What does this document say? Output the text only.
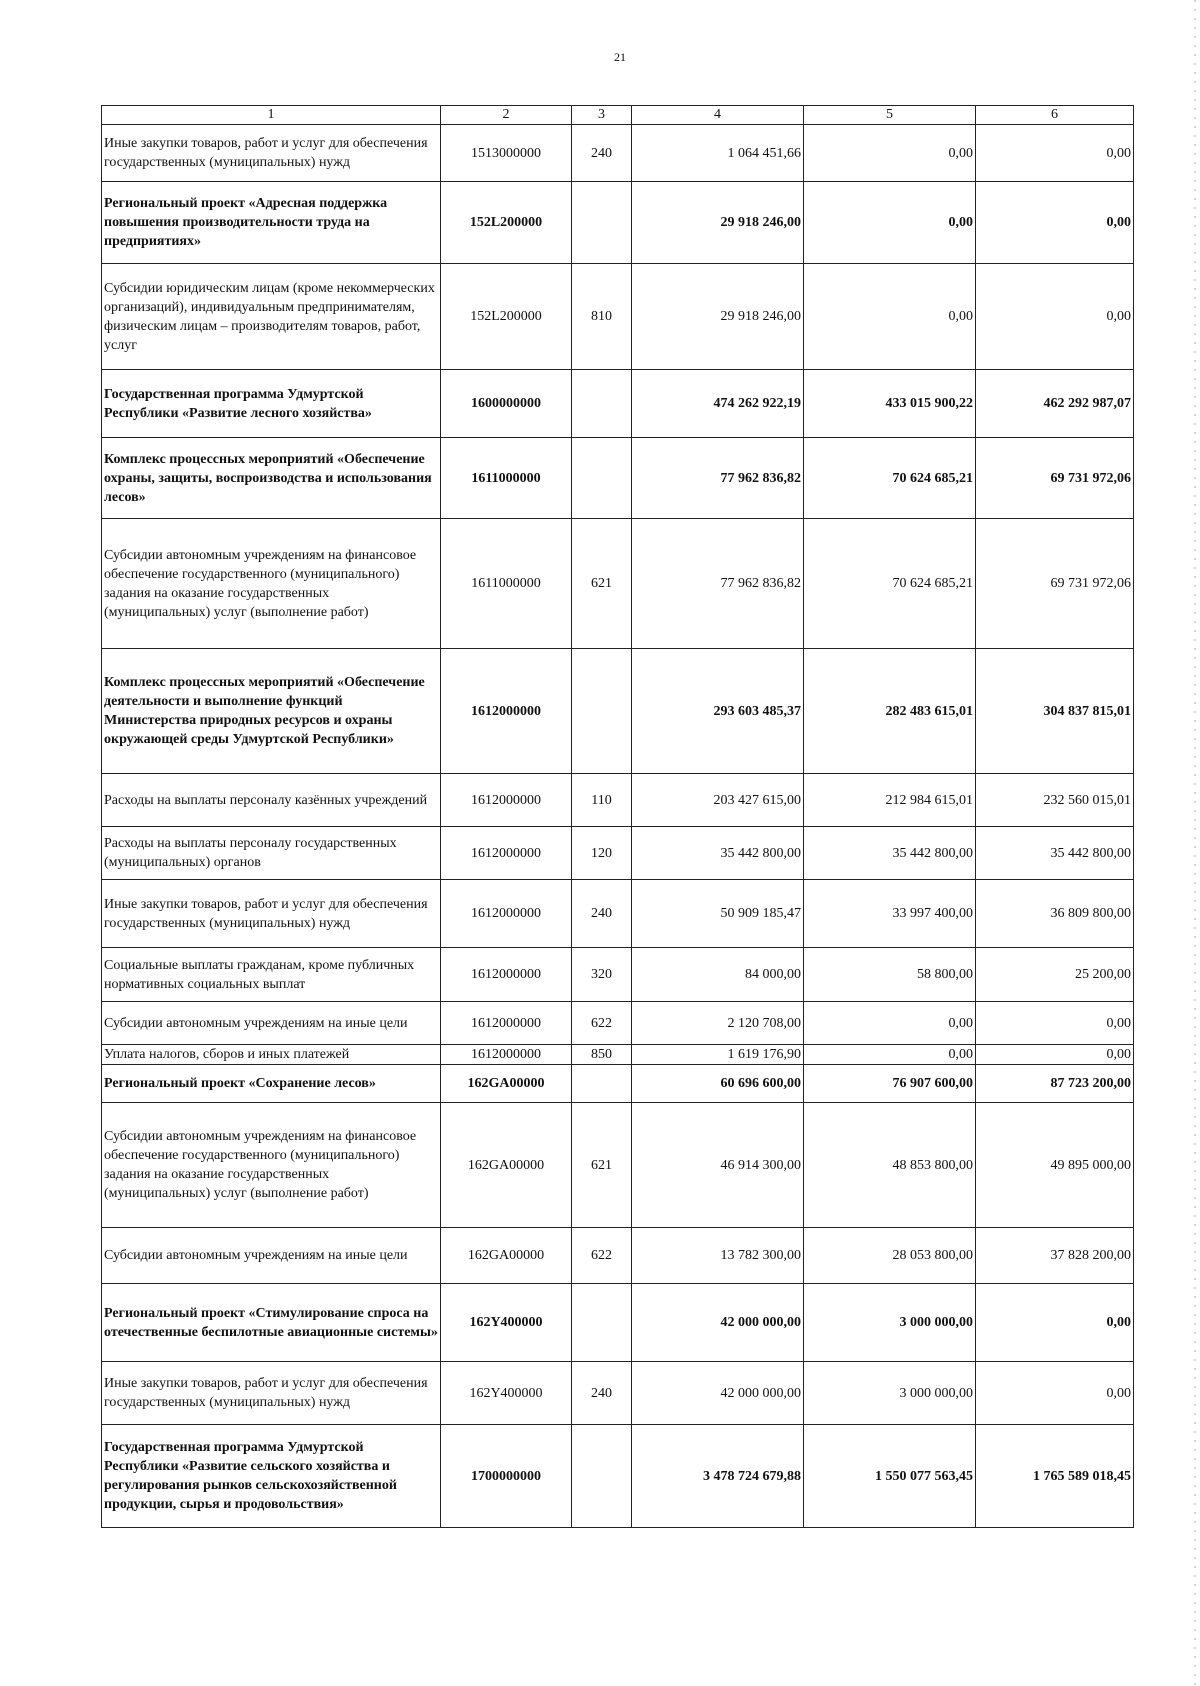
21
1	2	3	4	5	6
Иные закупки товаров, работ и услуг для обеспечения государственных (муниципальных) нужд	1513000000	240	1 064 451,66	0,00	0,00
Региональный проект «Адресная поддержка повышения производительности труда на предприятиях»	152L200000		29 918 246,00	0,00	0,00
Субсидии юридическим лицам (кроме некоммерческих организаций), индивидуальным предпринимателям, физическим лицам – производителям товаров, работ, услуг	152L200000	810	29 918 246,00	0,00	0,00
Государственная программа Удмуртской Республики «Развитие лесного хозяйства»	1600000000		474 262 922,19	433 015 900,22	462 292 987,07
Комплекс процессных мероприятий «Обеспечение охраны, защиты, воспроизводства и использования лесов»	1611000000		77 962 836,82	70 624 685,21	69 731 972,06
Субсидии автономным учреждениям на финансовое обеспечение государственного (муниципального) задания на оказание государственных (муниципальных) услуг (выполнение работ)	1611000000	621	77 962 836,82	70 624 685,21	69 731 972,06
Комплекс процессных мероприятий «Обеспечение деятельности и выполнение функций Министерства природных ресурсов и охраны окружающей среды Удмуртской Республики»	1612000000		293 603 485,37	282 483 615,01	304 837 815,01
Расходы на выплаты персоналу казённых учреждений	1612000000	110	203 427 615,00	212 984 615,01	232 560 015,01
Расходы на выплаты персоналу государственных (муниципальных) органов	1612000000	120	35 442 800,00	35 442 800,00	35 442 800,00
Иные закупки товаров, работ и услуг для обеспечения государственных (муниципальных) нужд	1612000000	240	50 909 185,47	33 997 400,00	36 809 800,00
Социальные выплаты гражданам, кроме публичных нормативных социальных выплат	1612000000	320	84 000,00	58 800,00	25 200,00
Субсидии автономным учреждениям на иные цели	1612000000	622	2 120 708,00	0,00	0,00
Уплата налогов, сборов и иных платежей	1612000000	850	1 619 176,90	0,00	0,00
Региональный проект «Сохранение лесов»	162GA00000		60 696 600,00	76 907 600,00	87 723 200,00
Субсидии автономным учреждениям на финансовое обеспечение государственного (муниципального) задания на оказание государственных (муниципальных) услуг (выполнение работ)	162GA00000	621	46 914 300,00	48 853 800,00	49 895 000,00
Субсидии автономным учреждениям на иные цели	162GA00000	622	13 782 300,00	28 053 800,00	37 828 200,00
Региональный проект «Стимулирование спроса на отечественные беспилотные авиационные системы»	162Y400000		42 000 000,00	3 000 000,00	0,00
Иные закупки товаров, работ и услуг для обеспечения государственных (муниципальных) нужд	162Y400000	240	42 000 000,00	3 000 000,00	0,00
Государственная программа Удмуртской Республики «Развитие сельского хозяйства и регулирования рынков сельскохозяйственной продукции, сырья и продовольствия»	1700000000		3 478 724 679,88	1 550 077 563,45	1 765 589 018,45
